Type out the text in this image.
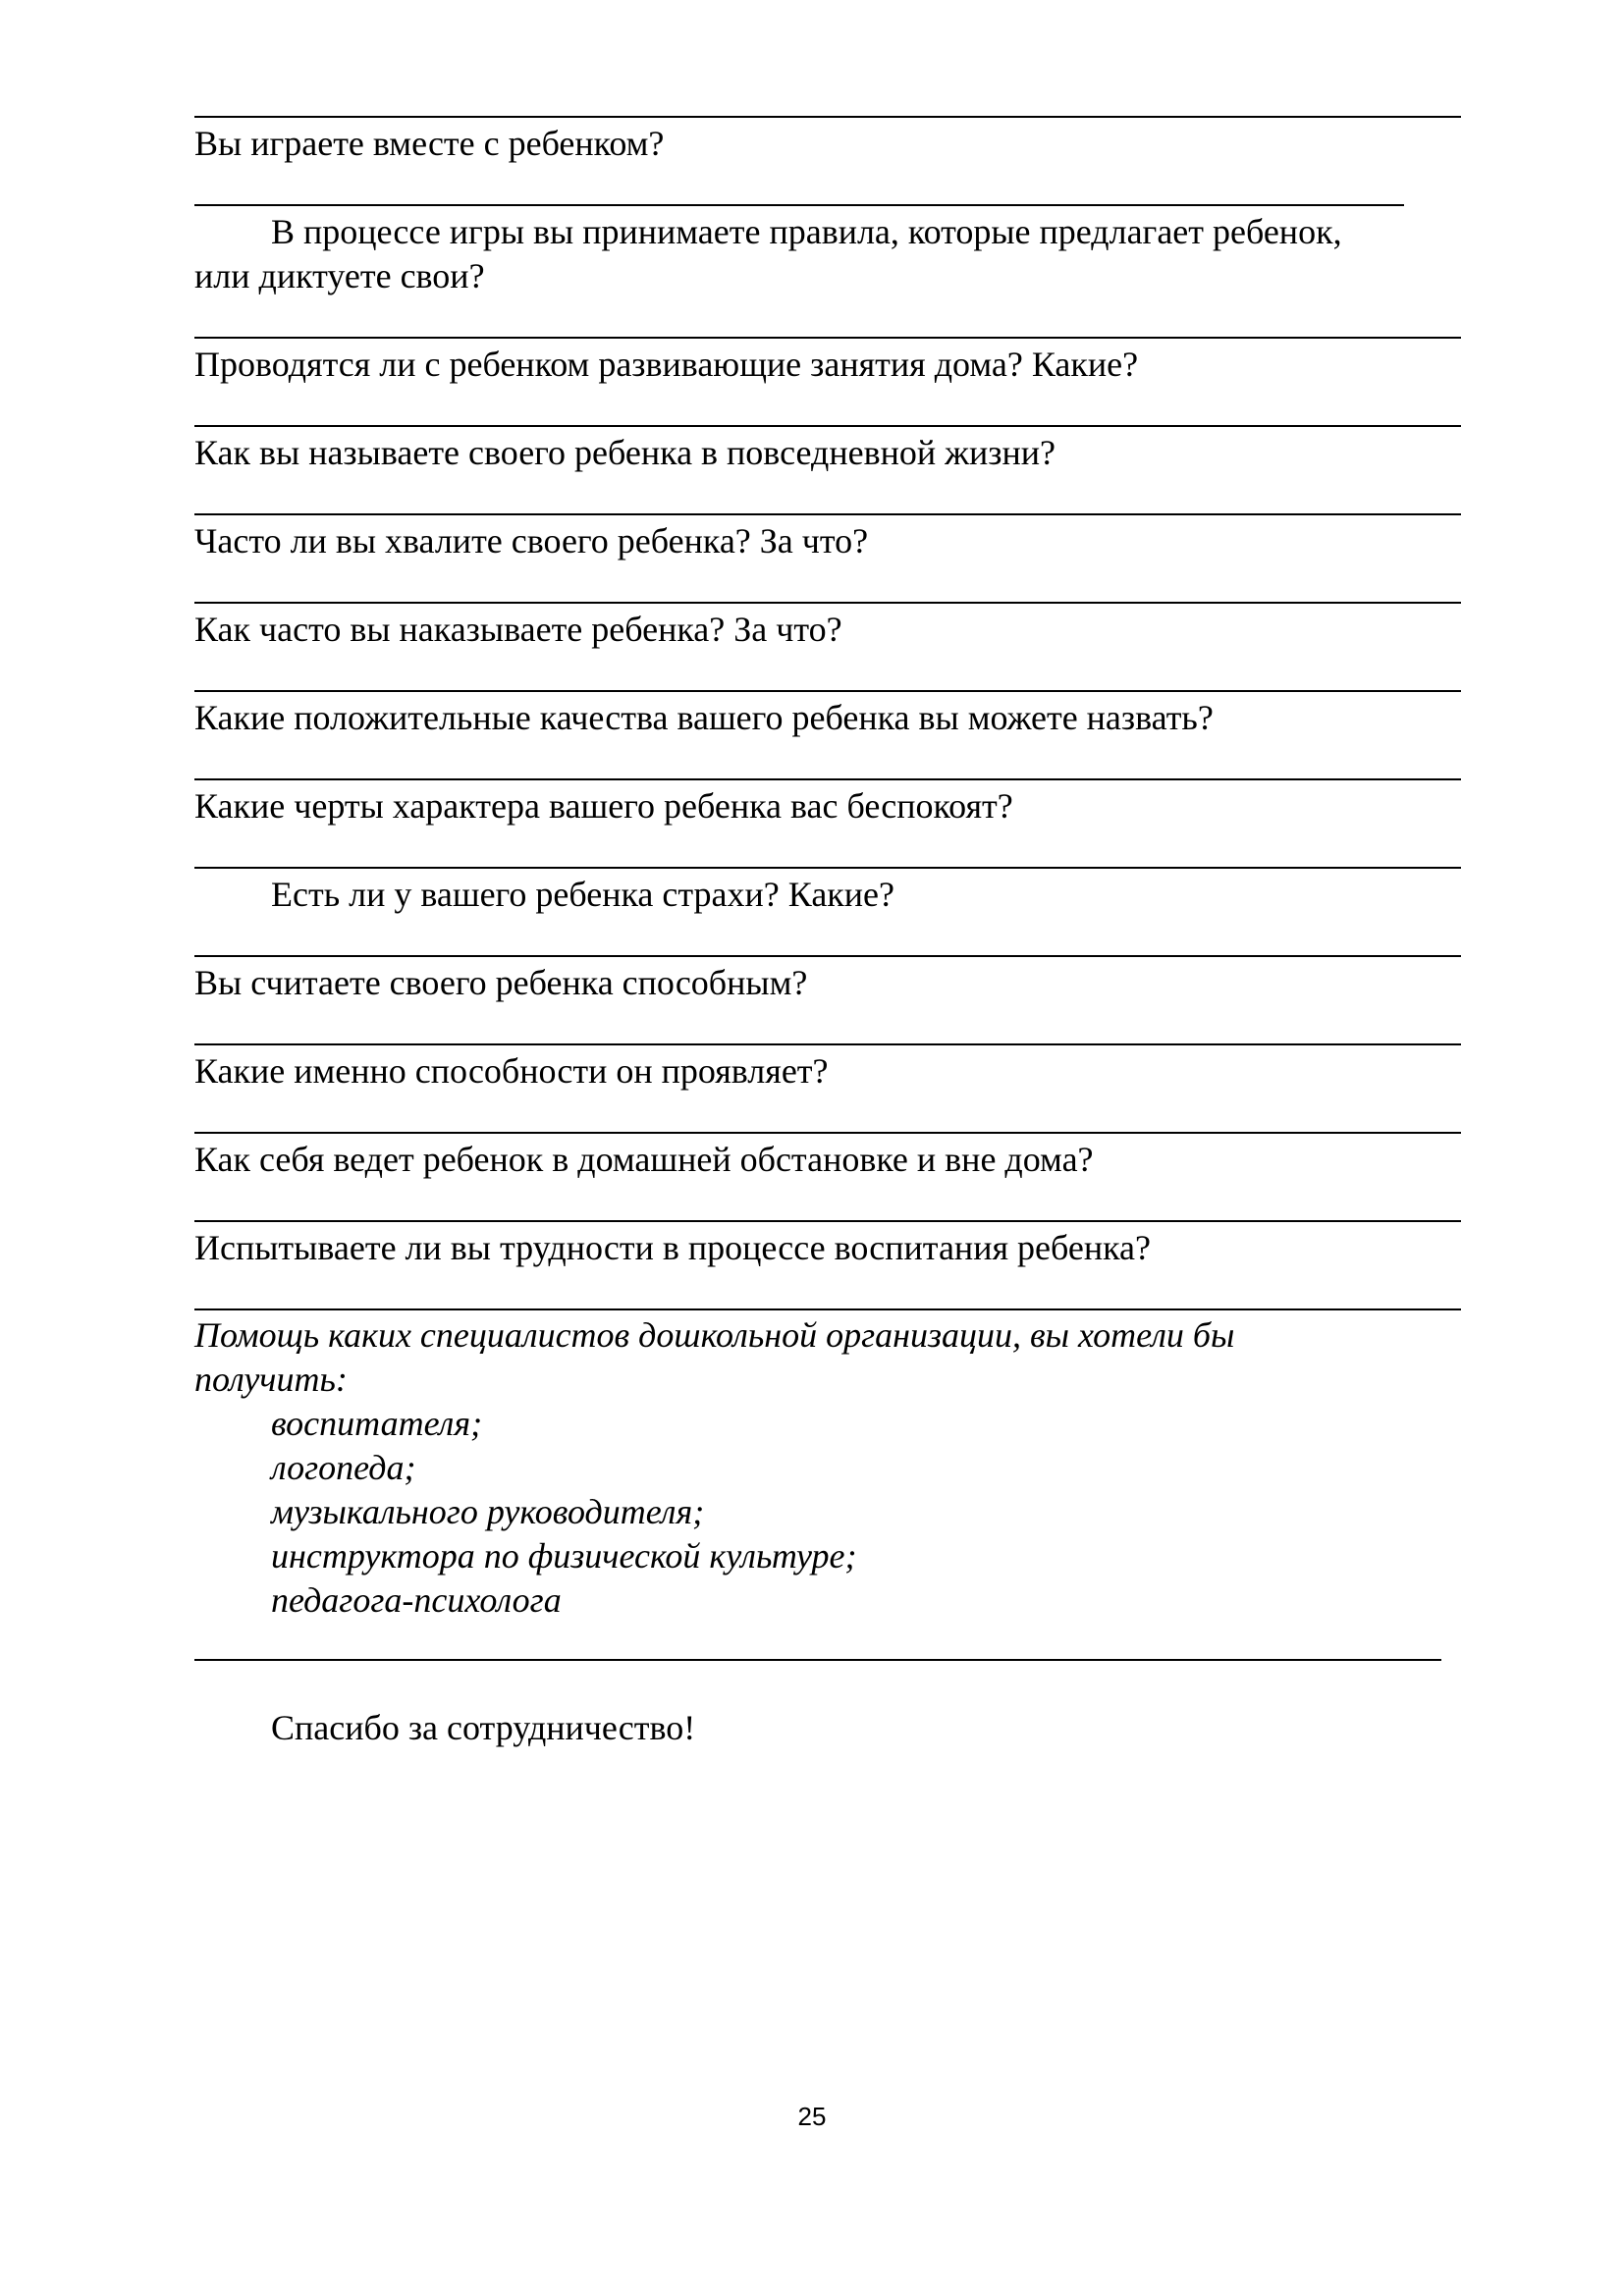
Вы играете вместе с ребенком?
В процессе игры вы принимаете правила, которые предлагает ребенок,
или диктуете свои?
Проводятся ли с ребенком развивающие занятия дома? Какие?
Как вы называете своего ребенка в повседневной жизни?
Часто ли вы хвалите своего ребенка? За что?
Как часто вы наказываете ребенка? За что?
Какие положительные качества вашего ребенка вы можете назвать?
Какие черты характера вашего ребенка вас беспокоят?
Есть ли у вашего ребенка страхи? Какие?
Вы считаете своего ребенка способным?
Какие именно способности он проявляет?
Как себя ведет ребенок в домашней обстановке и вне дома?
Испытываете ли вы трудности в процессе воспитания ребенка?
Помощь каких специалистов дошкольной организации, вы хотели бы
получить:
воспитателя;
логопеда;
музыкального руководителя;
инструктора по физической культуре;
педагога-психолога
Спасибо за сотрудничество!
25
